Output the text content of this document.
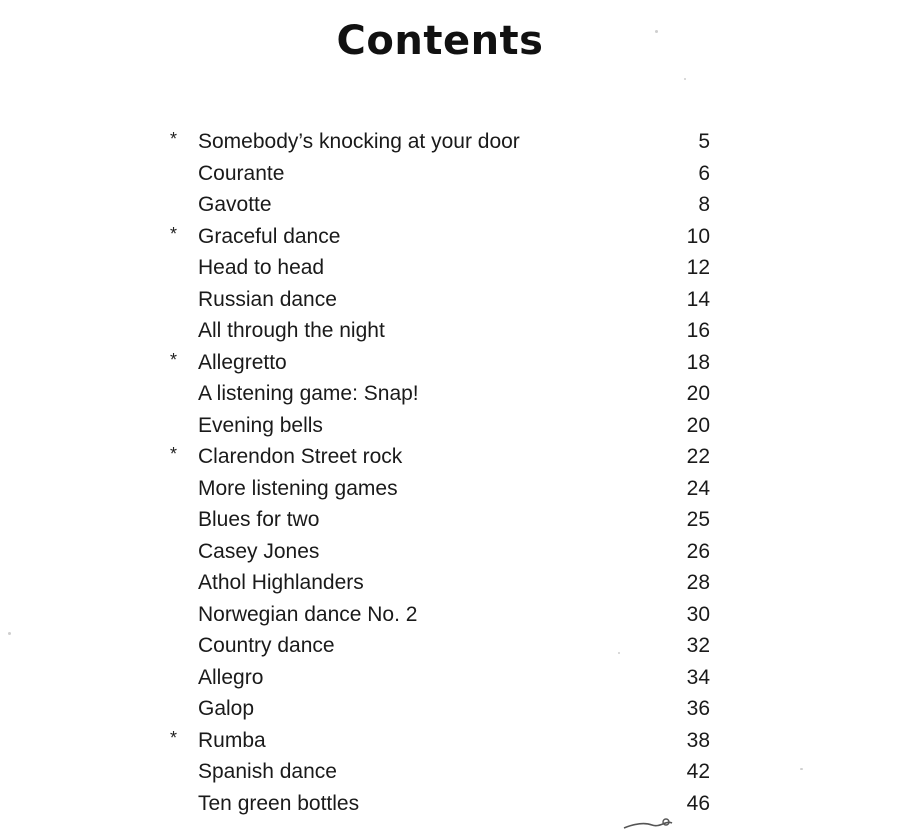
Contents
* Somebody’s knocking at your door	5
Courante	6
Gavotte	8
* Graceful dance	10
Head to head	12
Russian dance	14
All through the night	16
* Allegretto	18
A listening game: Snap!	20
Evening bells	20
* Clarendon Street rock	22
More listening games	24
Blues for two	25
Casey Jones	26
Athol Highlanders	28
Norwegian dance No. 2	30
Country dance	32
Allegro	34
Galop	36
* Rumba	38
Spanish dance	42
Ten green bottles	46
